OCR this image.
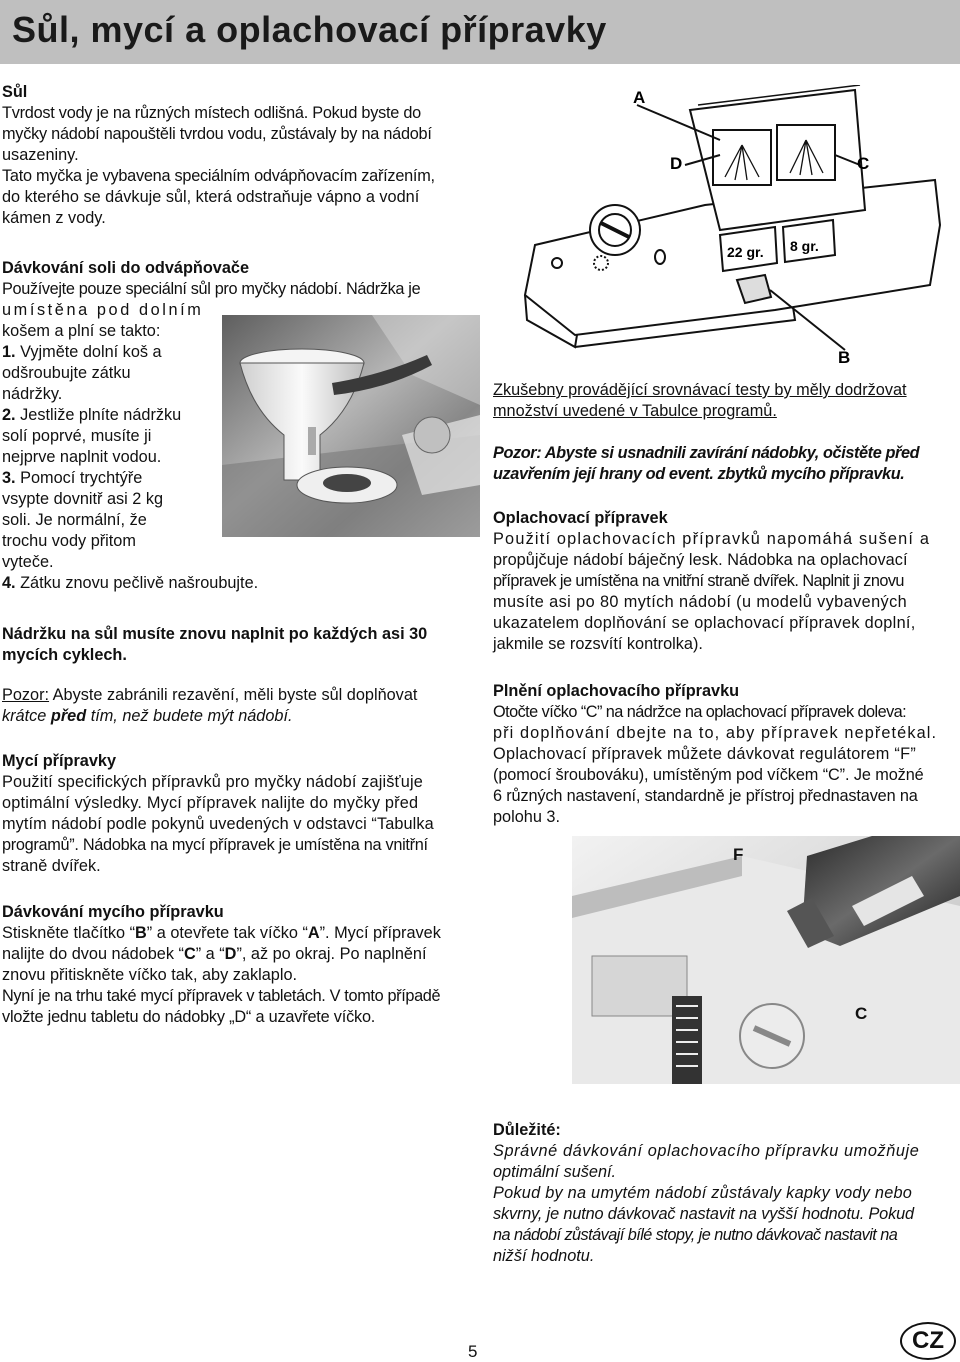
Sůl, mycí a oplachovací přípravky
Sůl
Tvrdost vody je na různých místech odlišná. Pokud byste do
myčky nádobí napouštěli tvrdou vodu, zůstávaly by na nádobí
usazeniny.
Tato myčka je vybavena speciálním odvápňovacím zařízením,
do kterého se dávkuje sůl, která odstraňuje vápno a vodní
kámen z vody.
Dávkování soli do odvápňovače
Používejte pouze speciální sůl pro myčky nádobí. Nádržka je
umístěna pod dolním
košem a plní se takto:
1. Vyjměte dolní koš a
odšroubujte zátku
nádržky.
2. Jestliže plníte nádržku
solí poprvé, musíte ji
nejprve naplnit vodou.
3. Pomocí trychtýře
vsypte dovnitř asi 2 kg
soli. Je normální, že
trochu vody přitom
vyteče.
4. Zátku znovu pečlivě našroubujte.
Nádržku na sůl musíte znovu naplnit po každých asi 30
mycích cyklech.
Pozor: Abyste zabránili rezavění, měli byste sůl doplňovat
krátce před tím, než budete mýt nádobí.
Mycí přípravky
Použití specifických přípravků pro myčky nádobí zajišťuje
optimální výsledky. Mycí přípravek nalijte do myčky před
mytím nádobí podle pokynů uvedených v odstavci “Tabulka
programů”. Nádobka na mycí přípravek je umístěna na vnitřní
straně dvířek.
Dávkování mycího přípravku
Stiskněte tlačítko “B” a otevřete tak víčko “A”. Mycí přípravek
nalijte do dvou nádobek “C” a “D”, až po okraj. Po naplnění
znovu přitiskněte víčko tak, aby zaklaplo.
Nyní je na trhu také mycí přípravek v tabletách. V tomto případě
vložte jednu tabletu do nádobky „D“ a uzavřete víčko.
A
D	C
B
22 gr. 8 gr.
Zkušebny provádějící srovnávací testy by měly dodržovat
množství uvedené v Tabulce programů.
Pozor: Abyste si usnadnili zavírání nádobky, očistěte před
uzavřením její hrany od event. zbytků mycího přípravku.
Oplachovací přípravek
Použití oplachovacích přípravků napomáhá sušení a
propůjčuje nádobí báječný lesk. Nádobka na oplachovací
přípravek je umístěna na vnitřní straně dvířek. Naplnit ji znovu
musíte asi po 80 mytích nádobí (u modelů vybavených
ukazatelem doplňování se oplachovací přípravek doplní,
jakmile se rozsvítí kontrolka).
Plnění oplachovacího přípravku
Otočte víčko “C” na nádržce na oplachovací přípravek doleva:
při doplňování dbejte na to, aby přípravek nepřetékal.
Oplachovací přípravek můžete dávkovat regulátorem “F”
(pomocí šroubováku), umístěným pod víčkem “C”. Je možné
6 různých nastavení, standardně je přístroj přednastaven na
polohu 3.
F
C
Důležité:
Správné dávkování oplachovacího přípravku umožňuje
optimální sušení.
Pokud by na umytém nádobí zůstávaly kapky vody nebo
skvrny, je nutno dávkovač nastavit na vyšší hodnotu. Pokud
na nádobí zůstávají bílé stopy, je nutno dávkovač nastavit na
nižší hodnotu.
5	CZ
